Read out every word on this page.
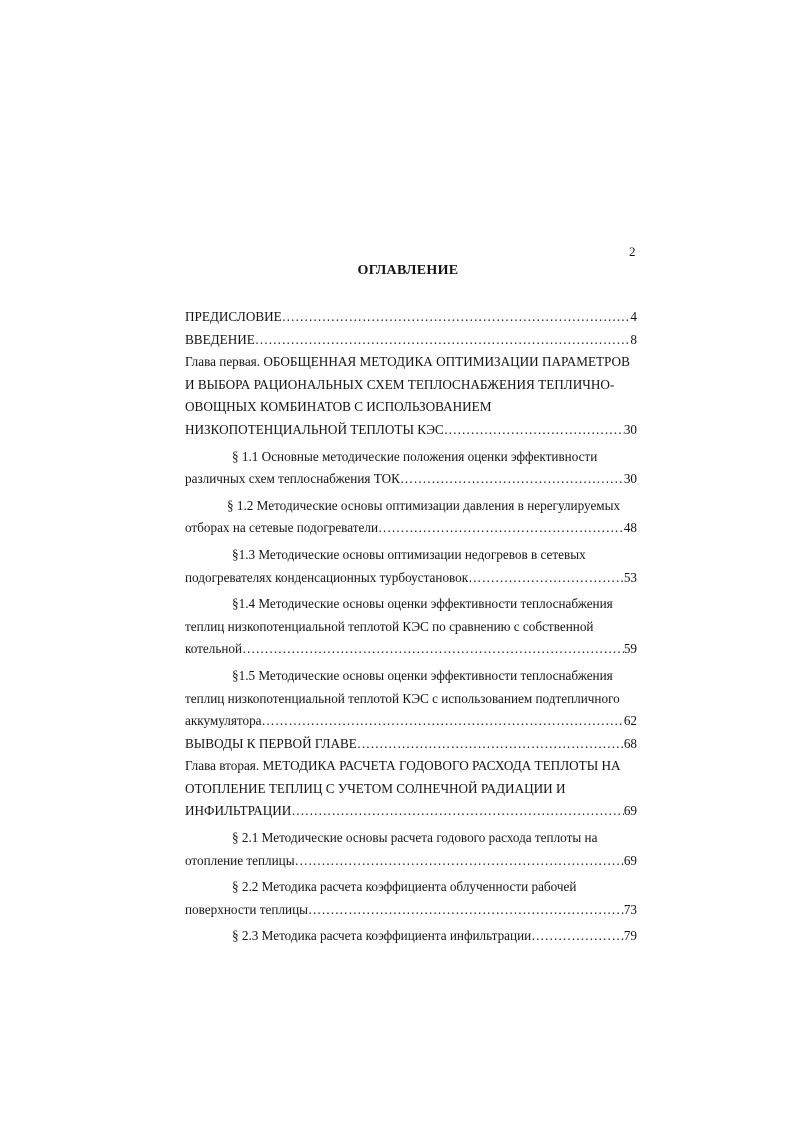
2
ОГЛАВЛЕНИЕ
ПРЕДИСЛОВИЕ …………………………………………………………………………………………………………………………………………………………………………	4
ВВЕДЕНИЕ …………………………………………………………………………………………………………………………………………………………………………	8
Глава первая. ОБОБЩЕННАЯ МЕТОДИКА ОПТИМИЗАЦИИ ПАРАМЕТРОВ
И ВЫБОРА РАЦИОНАЛЬНЫХ СХЕМ ТЕПЛОСНАБЖЕНИЯ ТЕПЛИЧНО-
ОВОЩНЫХ КОМБИНАТОВ С ИСПОЛЬЗОВАНИЕМ
НИЗКОПОТЕНЦИАЛЬНОЙ ТЕПЛОТЫ КЭС …………………………………………………………………………………………………………………………………………………………………………	30
§ 1.1 Основные методические положения оценки эффективности
различных схем теплоснабжения ТОК …………………………………………………………………………………………………………………………………………………………………………	30
§ 1.2 Методические основы оптимизации давления в нерегулируемых
отборах на сетевые подогреватели …………………………………………………………………………………………………………………………………………………………………………	48
§1.3 Методические основы оптимизации недогревов в сетевых
подогревателях конденсационных турбоустановок …………………………………………………………………………………………………………………………………………………………………………	53
§1.4 Методические основы оценки эффективности теплоснабжения
теплиц низкопотенциальной теплотой КЭС по сравнению с собственной
котельной …………………………………………………………………………………………………………………………………………………………………………	59
§1.5 Методические основы оценки эффективности теплоснабжения
теплиц низкопотенциальной теплотой КЭС с использованием подтепличного
аккумулятора …………………………………………………………………………………………………………………………………………………………………………	62
ВЫВОДЫ К ПЕРВОЙ ГЛАВЕ …………………………………………………………………………………………………………………………………………………………………………	68
Глава вторая. МЕТОДИКА РАСЧЕТА ГОДОВОГО РАСХОДА ТЕПЛОТЫ НА
ОТОПЛЕНИЕ ТЕПЛИЦ С УЧЕТОМ СОЛНЕЧНОЙ РАДИАЦИИ И
ИНФИЛЬТРАЦИИ …………………………………………………………………………………………………………………………………………………………………………	69
§ 2.1 Методические основы расчета годового расхода теплоты на
отопление теплицы …………………………………………………………………………………………………………………………………………………………………………	69
§ 2.2 Методика расчета коэффициента облученности рабочей
поверхности теплицы …………………………………………………………………………………………………………………………………………………………………………	73
§ 2.3 Методика расчета коэффициента инфильтрации …………………………………………………………………………………………………………………………………………………………………………	79
